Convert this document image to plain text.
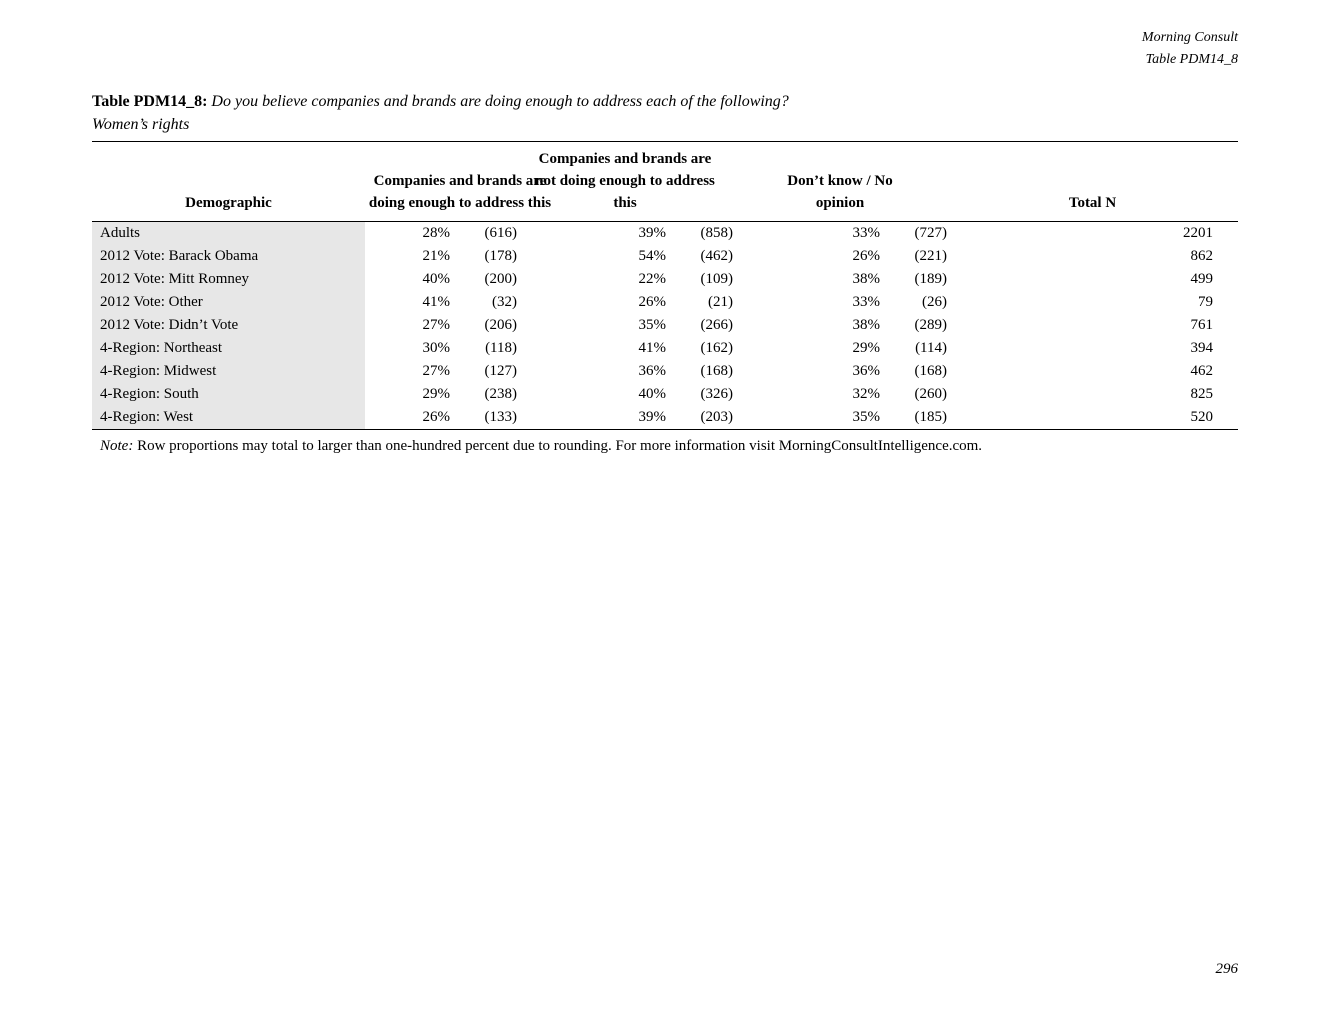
Morning Consult
Table PDM14_8
Table PDM14_8: Do you believe companies and brands are doing enough to address each of the following?
Women’s rights
Demographic	Companies and brands are doing enough to address this		Companies and brands are not doing enough to address this		Don’t know / No opinion		Total N

Adults	28%	(616)	39%	(858)	33%	(727)	2201
2012 Vote: Barack Obama	21%	(178)	54%	(462)	26%	(221)	862
2012 Vote: Mitt Romney	40%	(200)	22%	(109)	38%	(189)	499
2012 Vote: Other	41%	(32)	26%	(21)	33%	(26)	79
2012 Vote: Didn’t Vote	27%	(206)	35%	(266)	38%	(289)	761
4-Region: Northeast	30%	(118)	41%	(162)	29%	(114)	394
4-Region: Midwest	27%	(127)	36%	(168)	36%	(168)	462
4-Region: South	29%	(238)	40%	(326)	32%	(260)	825
4-Region: West	26%	(133)	39%	(203)	35%	(185)	520
Note: Row proportions may total to larger than one-hundred percent due to rounding. For more information visit MorningConsultIntelligence.com.
296
